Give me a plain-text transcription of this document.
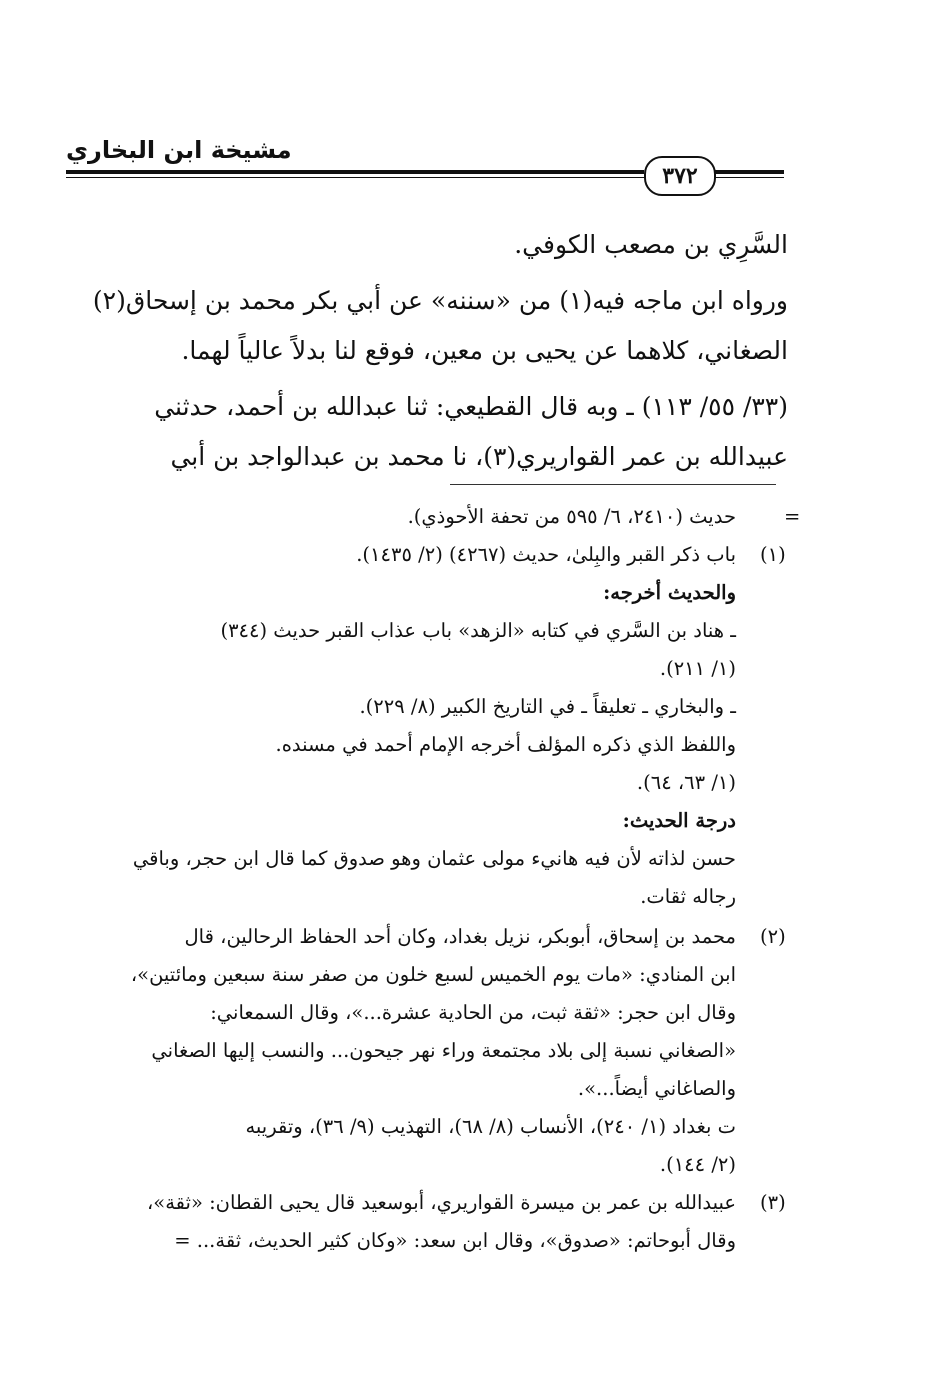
مشيخة ابن البخاري
٣٧٢
السَّرِي بن مصعب الكوفي.
ورواه ابن ماجه فيه(١) من «سننه» عن أبي بكر محمد بن إسحاق(٢)
الصغاني، كلاهما عن يحيى بن معين، فوقع لنا بدلاً عالياً لهما.
(٣٣/ ٥٥/ ١١٣) ـ وبه قال القطيعي: ثنا عبدالله بن أحمد، حدثني
عبيدالله بن عمر القواريري(٣)، نا محمد بن عبدالواجد بن أبي
=
حديث (٢٤١٠، ٦/ ٥٩٥ من تحفة الأحوذي).
(١)
باب ذكر القبر والبِلىٰ، حديث (٤٢٦٧) (٢/ ١٤٣٥).
والحديث أخرجه:
ـ هناد بن السَّري في كتابه «الزهد» باب عذاب القبر حديث (٣٤٤)
(١/ ٢١١).
ـ والبخاري ـ تعليقاً ـ في التاريخ الكبير (٨/ ٢٢٩).
واللفظ الذي ذكره المؤلف أخرجه الإمام أحمد في مسنده.
(١/ ٦٣، ٦٤).
درجة الحديث:
حسن لذاته لأن فيه هانيء مولى عثمان وهو صدوق كما قال ابن حجر، وباقي
رجاله ثقات.
(٢)
محمد بن إسحاق، أبوبكر، نزيل بغداد، وكان أحد الحفاظ الرحالين، قال
ابن المنادي: «مات يوم الخميس لسبع خلون من صفر سنة سبعين ومائتين»،
وقال ابن حجر: «ثقة ثبت، من الحادية عشرة...»، وقال السمعاني:
«الصغاني نسبة إلى بلاد مجتمعة وراء نهر جيحون... والنسب إليها الصغاني
والصاغاني أيضاً...».
ت بغداد (١/ ٢٤٠)، الأنساب (٨/ ٦٨)، التهذيب (٩/ ٣٦)، وتقريبه
(٢/ ١٤٤).
(٣)
عبيدالله بن عمر بن ميسرة القواريري، أبوسعيد قال يحيى القطان: «ثقة»،
وقال أبوحاتم: «صدوق»، وقال ابن سعد: «وكان كثير الحديث، ثقة... =
